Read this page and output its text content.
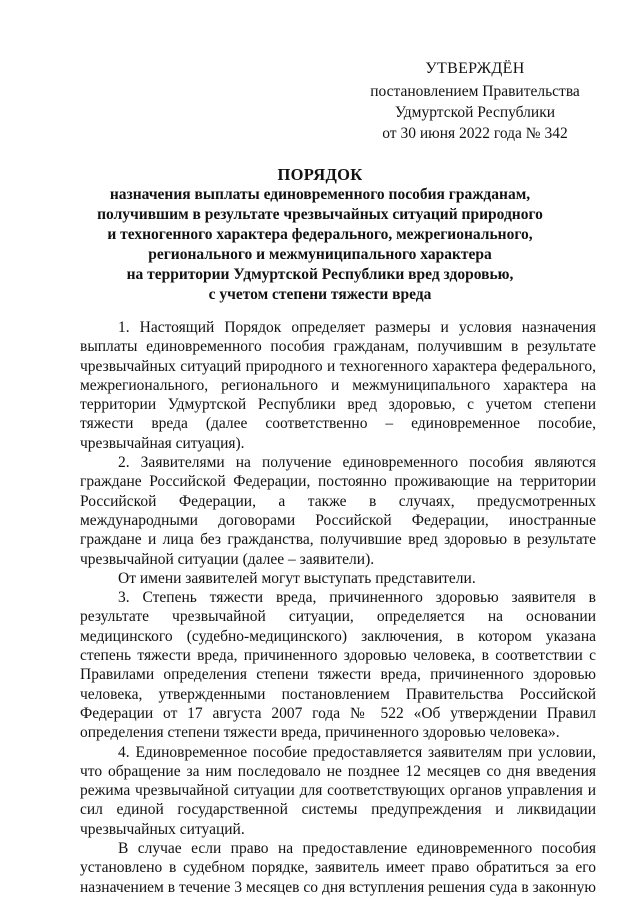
УТВЕРЖДЁН
постановлением Правительства
Удмуртской Республики
от 30 июня 2022 года № 342
ПОРЯДОК
назначения выплаты единовременного пособия гражданам,
получившим в результате чрезвычайных ситуаций природного
и техногенного характера федерального, межрегионального,
регионального и межмуниципального характера
на территории Удмуртской Республики вред здоровью,
с учетом степени тяжести вреда

1. Настоящий Порядок определяет размеры и условия назначения выплаты единовременного пособия гражданам, получившим в результате чрезвычайных ситуаций природного и техногенного характера федерального, межрегионального, регионального и межмуниципального характера на территории Удмуртской Республики вред здоровью, с учетом степени тяжести вреда (далее соответственно – единовременное пособие, чрезвычайная ситуация).

2. Заявителями на получение единовременного пособия являются граждане Российской Федерации, постоянно проживающие на территории Российской Федерации, а также в случаях, предусмотренных международными договорами Российской Федерации, иностранные граждане и лица без гражданства, получившие вред здоровью в результате чрезвычайной ситуации (далее – заявители).

От имени заявителей могут выступать представители.

3. Степень тяжести вреда, причиненного здоровью заявителя в результате чрезвычайной ситуации, определяется на основании медицинского (судебно-медицинского) заключения, в котором указана степень тяжести вреда, причиненного здоровью человека, в соответствии с Правилами определения степени тяжести вреда, причиненного здоровью человека, утвержденными постановлением Правительства Российской Федерации от 17 августа 2007 года № 522 «Об утверждении Правил определения степени тяжести вреда, причиненного здоровью человека».

4. Единовременное пособие предоставляется заявителям при условии, что обращение за ним последовало не позднее 12 месяцев со дня введения режима чрезвычайной ситуации для соответствующих органов управления и сил единой государственной системы предупреждения и ликвидации чрезвычайных ситуаций.

В случае если право на предоставление единовременного пособия установлено в судебном порядке, заявитель имеет право обратиться за его назначением в течение 3 месяцев со дня вступления решения суда в законную
